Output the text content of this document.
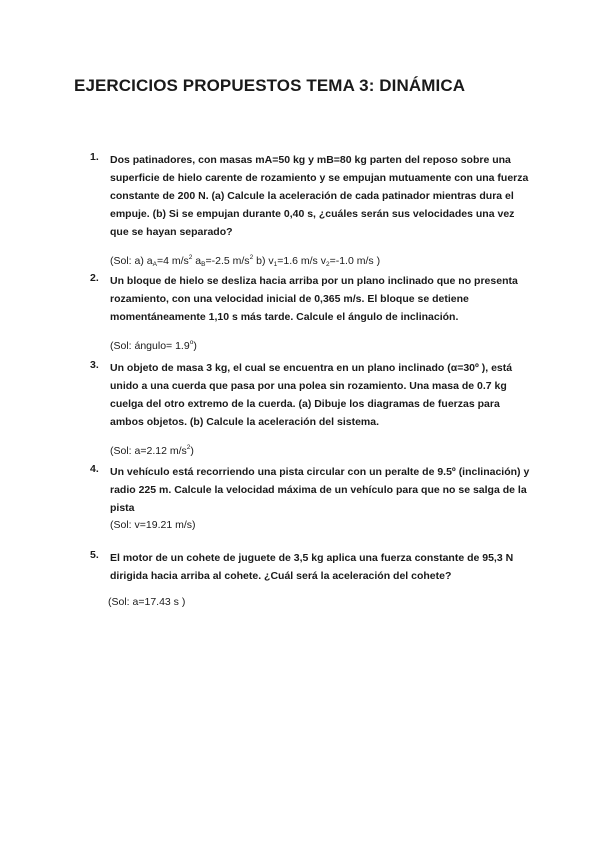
EJERCICIOS PROPUESTOS TEMA 3: DINÁMICA
1. Dos patinadores, con masas mA=50 kg y mB=80 kg parten del reposo sobre una superficie de hielo carente de rozamiento y se empujan mutuamente con una fuerza constante de 200 N. (a) Calcule la aceleración de cada patinador mientras dura el empuje. (b) Si se empujan durante 0,40 s, ¿cuáles serán sus velocidades una vez que se hayan separado?
(Sol: a) $a_A=4$ $m/s^2$ $a_B=-2.5$ $m/s^2$ b) $v_1=1.6$ m/s $v_2=-1.0$ m/s )
2. Un bloque de hielo se desliza hacia arriba por un plano inclinado que no presenta rozamiento, con una velocidad inicial de 0,365 m/s. El bloque se detiene momentáneamente 1,10 s más tarde. Calcule el ángulo de inclinación.
(Sol: ángulo= $1.9^o$)
3. Un objeto de masa 3 kg, el cual se encuentra en un plano inclinado (α=30º ), está unido a una cuerda que pasa por una polea sin rozamiento. Una masa de 0.7 kg cuelga del otro extremo de la cuerda. (a) Dibuje los diagramas de fuerzas para ambos objetos. (b) Calcule la aceleración del sistema.
(Sol: a=2.12 $m/s^2$)
4. Un vehículo está recorriendo una pista circular con un peralte de 9.5º (inclinación) y radio 225 m. Calcule la velocidad máxima de un vehículo para que no se salga de la pista
(Sol: v=19.21 m/s)
5. El motor de un cohete de juguete de 3,5 kg aplica una fuerza constante de 95,3 N dirigida hacia arriba al cohete. ¿Cuál será la aceleración del cohete?
(Sol: a=17.43 s )
